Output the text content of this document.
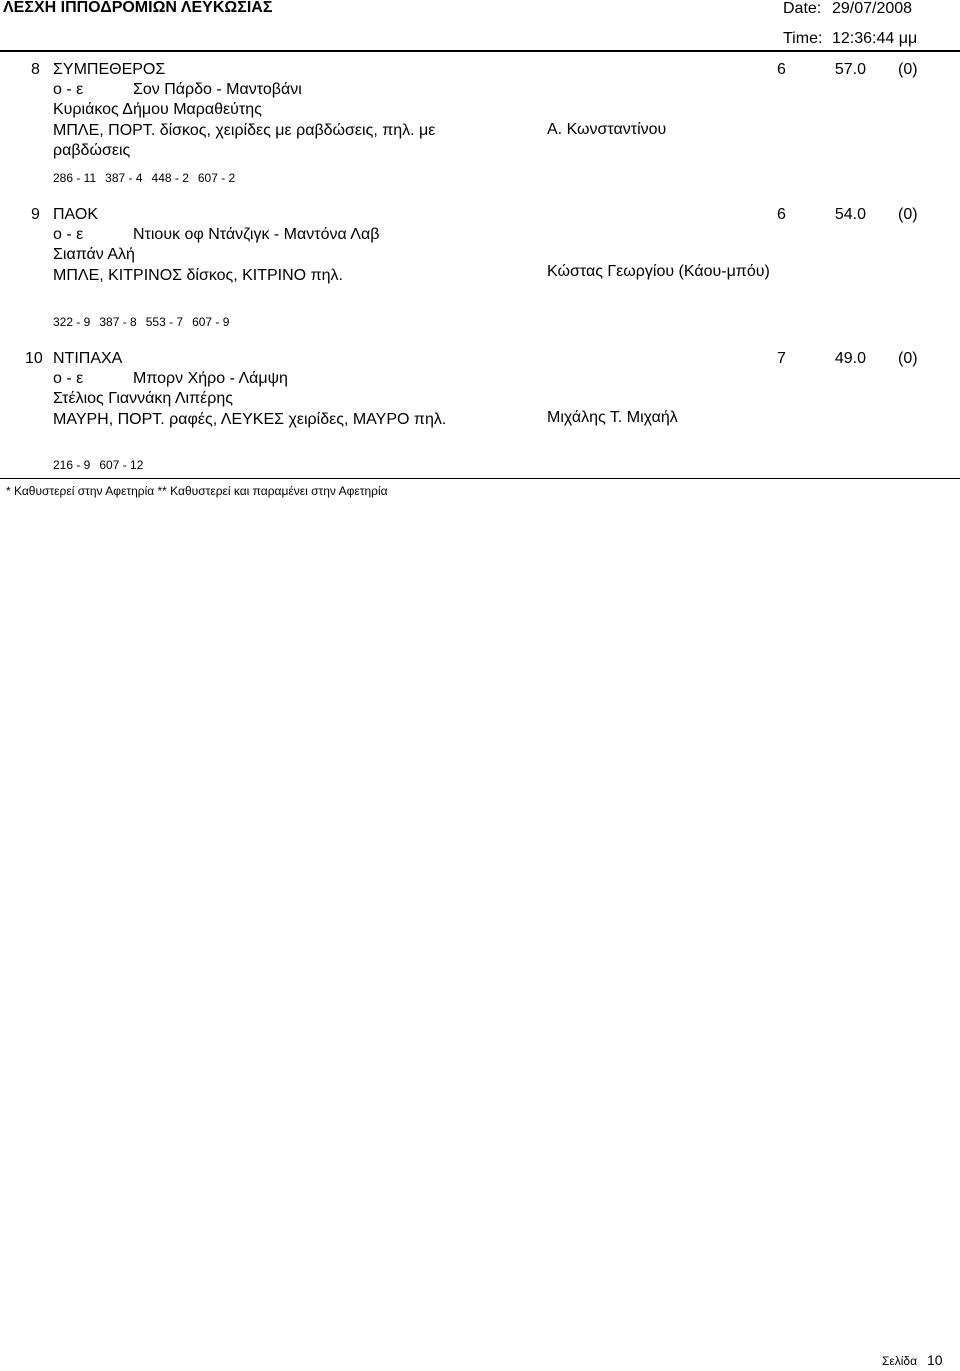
ΛΕΣΧΗ ΙΠΠΟΔΡΟΜΙΩΝ ΛΕΥΚΩΣΙΑΣ	Date: 29/07/2008
Time: 12:36:44 μμ
8 ΣΥΜΠΕΘΕΡΟΣ
ο - ε	Σον Πάρδο - Μαντοβάνι
Κυριάκος Δήμου Μαραθεύτης
ΜΠΛΕ, ΠΟΡΤ. δίσκος, χειρίδες με ραβδώσεις, πηλ. με ραβδώσεις
Α. Κωνσταντίνου
6	57.0 (0)
286 - 11 387 - 4 448 - 2 607 - 2
9 ΠΑΟΚ
ο - ε	Ντιουκ οφ Ντάνζιγκ - Μαντόνα Λαβ
Σιαπάν Αλή
ΜΠΛΕ, ΚΙΤΡΙΝΟΣ δίσκος, ΚΙΤΡΙΝΟ πηλ.	Κώστας Γεωργίου (Κάου-μπόυ)
6	54.0 (0)
322 - 9 387 - 8 553 - 7 607 - 9
10 ΝΤΙΠΑΧΑ
ο - ε	Μπορν Χήρο - Λάμψη
Στέλιος Γιαννάκη Λιπέρης
ΜΑΥΡΗ, ΠΟΡΤ. ραφές, ΛΕΥΚΕΣ χειρίδες, ΜΑΥΡΟ πηλ.	Μιχάλης Τ. Μιχαήλ
7	49.0 (0)
216 - 9 607 - 12
* Καθυστερεί στην Αφετηρία ** Καθυστερεί και παραμένει στην Αφετηρία
Σελίδα 10
